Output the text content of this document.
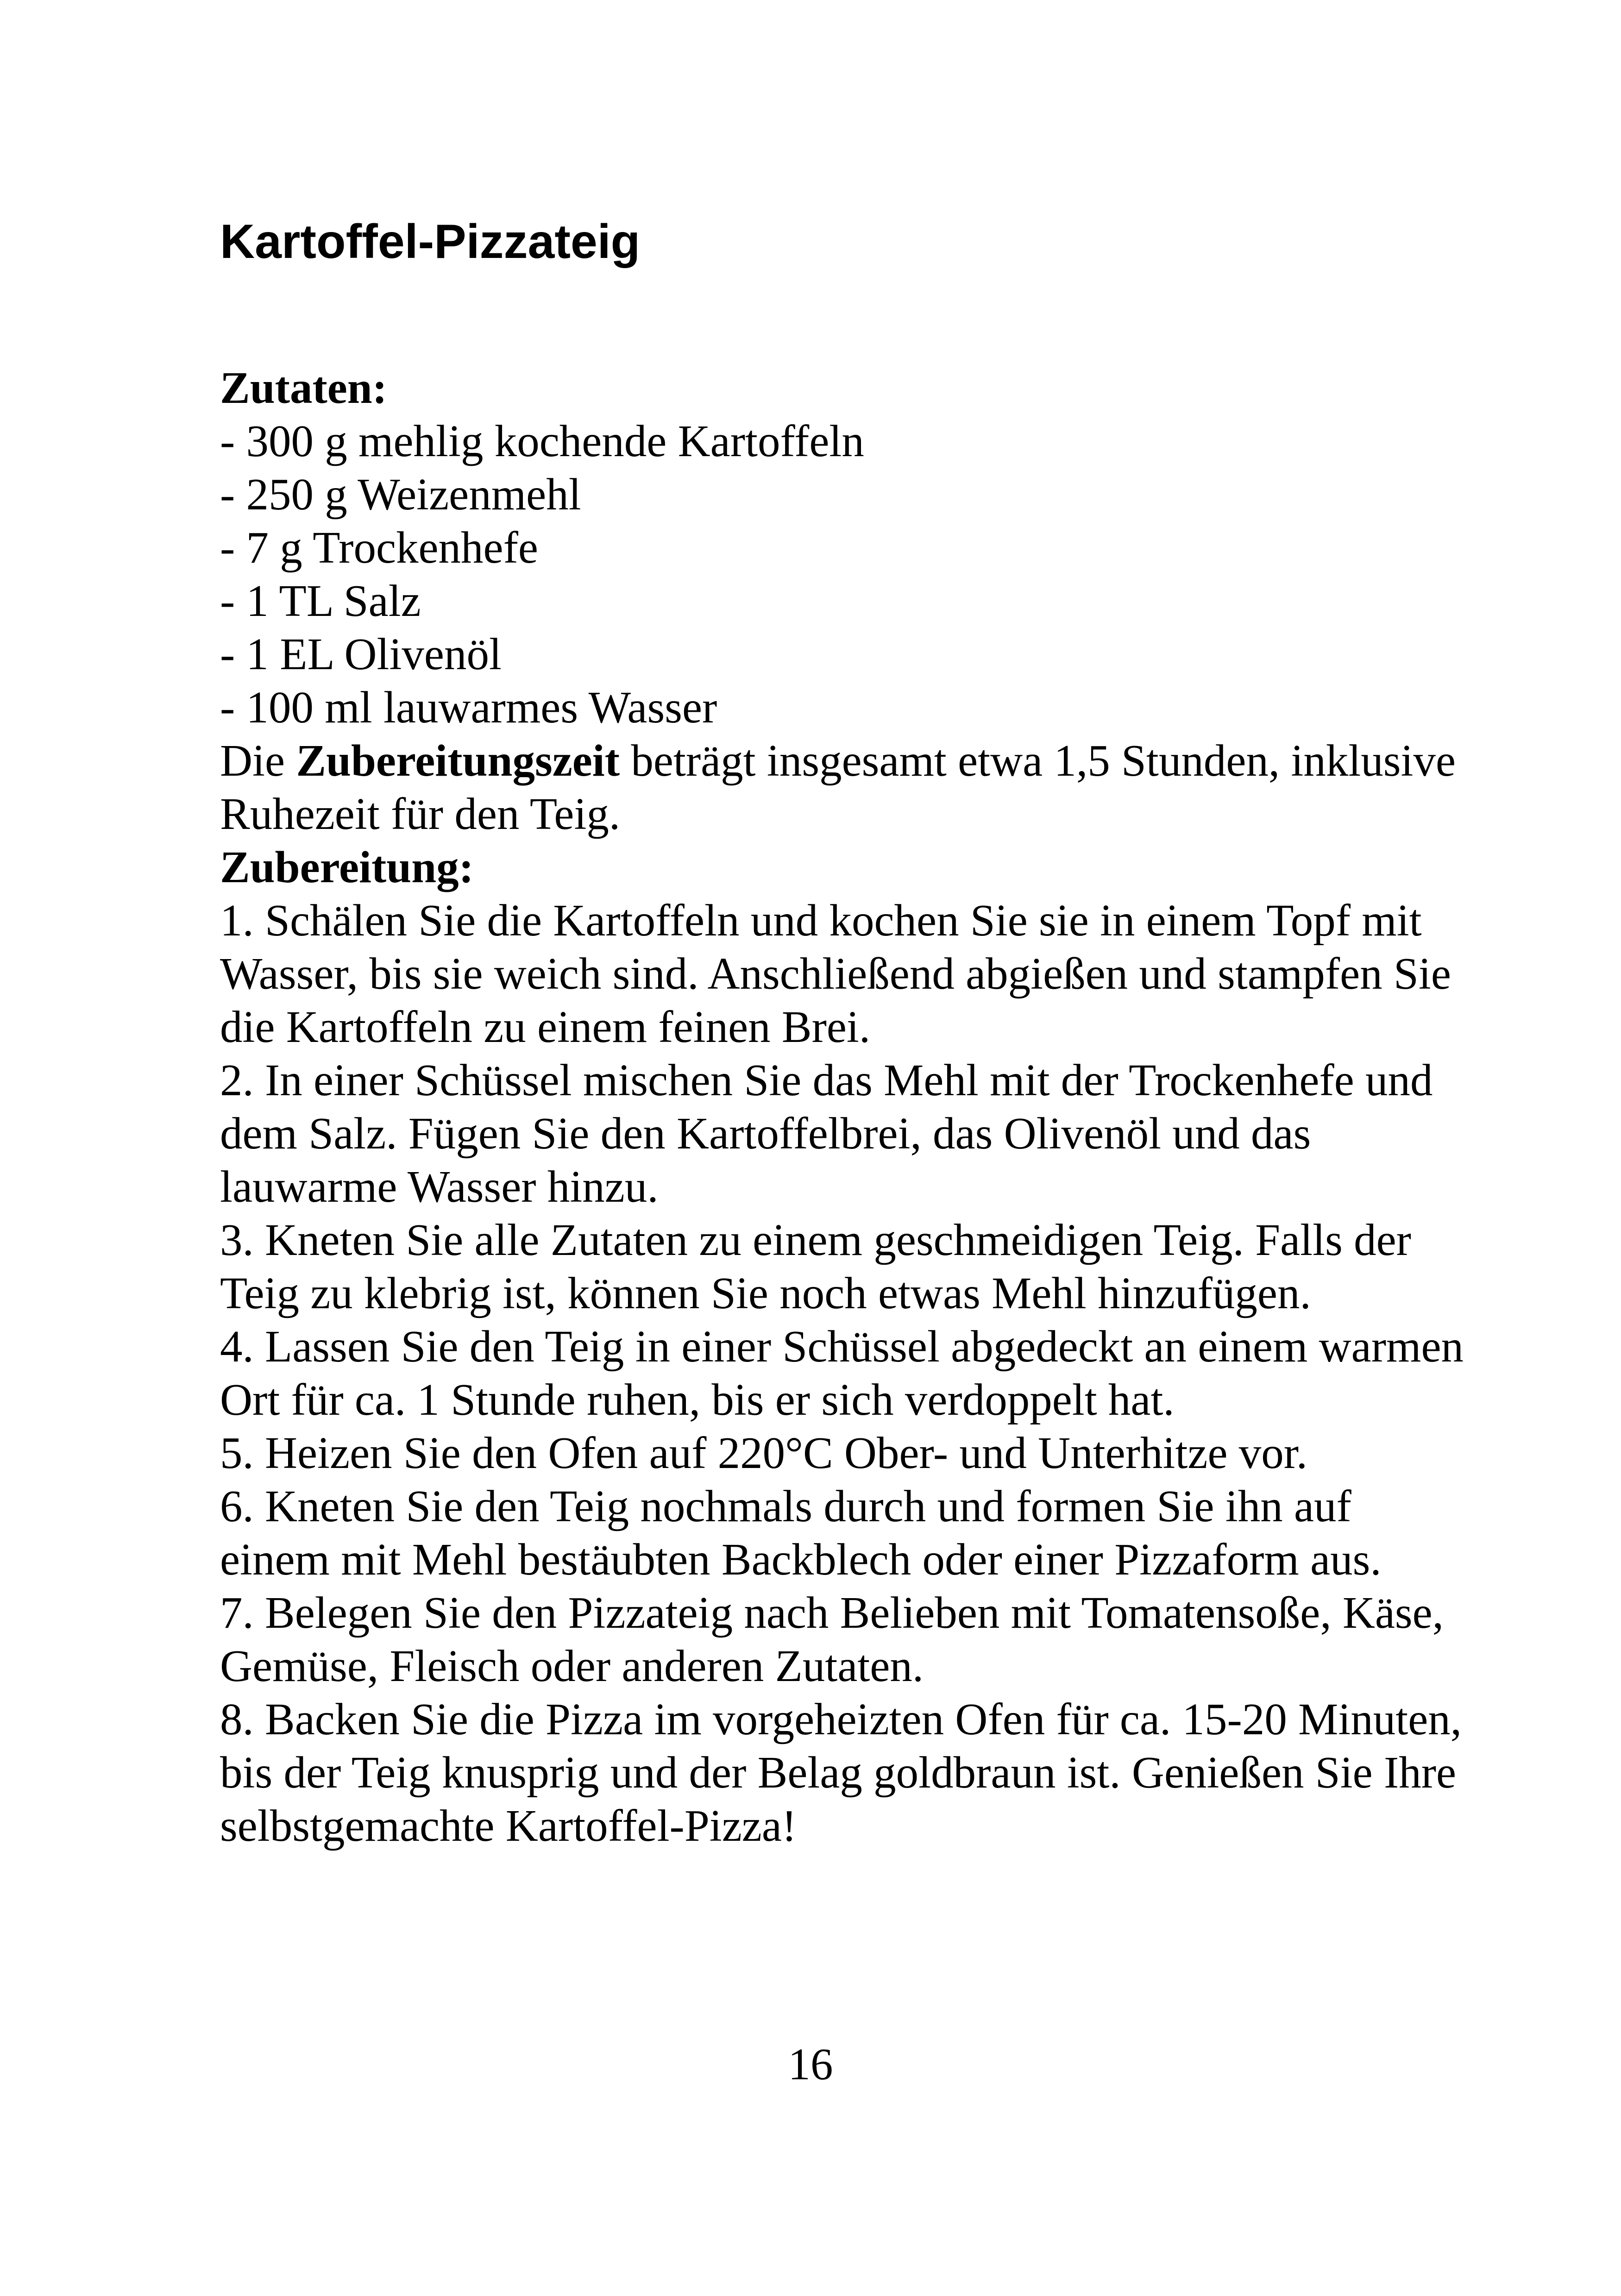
Kartoffel-Pizzateig

Zutaten:

- 300 g mehlig kochende Kartoffeln
- 250 g Weizenmehl
- 7 g Trockenhefe
- 1 TL Salz
- 1 EL Olivenöl
- 100 ml lauwarmes Wasser

Die Zubereitungszeit beträgt insgesamt etwa 1,5 Stunden, inklusive Ruhezeit für den Teig.

Zubereitung:

1. Schälen Sie die Kartoffeln und kochen Sie sie in einem Topf mit Wasser, bis sie weich sind. Anschließend abgießen und stampfen Sie die Kartoffeln zu einem feinen Brei.
2. In einer Schüssel mischen Sie das Mehl mit der Trockenhefe und dem Salz. Fügen Sie den Kartoffelbrei, das Olivenöl und das lauwarme Wasser hinzu.
3. Kneten Sie alle Zutaten zu einem geschmeidigen Teig. Falls der Teig zu klebrig ist, können Sie noch etwas Mehl hinzufügen.
4. Lassen Sie den Teig in einer Schüssel abgedeckt an einem warmen Ort für ca. 1 Stunde ruhen, bis er sich verdoppelt hat.
5. Heizen Sie den Ofen auf 220°C Ober- und Unterhitze vor.
6. Kneten Sie den Teig nochmals durch und formen Sie ihn auf einem mit Mehl bestäubten Backblech oder einer Pizzaform aus.
7. Belegen Sie den Pizzateig nach Belieben mit Tomatensoße, Käse, Gemüse, Fleisch oder anderen Zutaten.
8. Backen Sie die Pizza im vorgeheizten Ofen für ca. 15-20 Minuten, bis der Teig knusprig und der Belag goldbraun ist. Genießen Sie Ihre selbstgemachte Kartoffel-Pizza!
16
